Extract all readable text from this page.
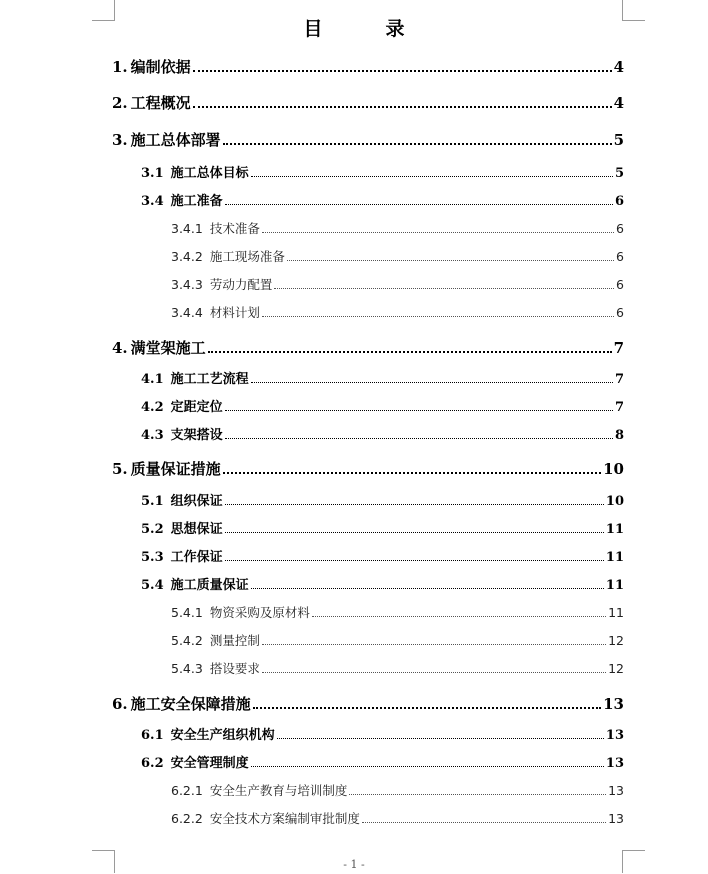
目　录
1. 编制依据	4
2. 工程概况	4
3. 施工总体部署	5
3.1 施工总体目标	5
3.4 施工准备	6
3.4.1 技术准备	6
3.4.2 施工现场准备	6
3.4.3 劳动力配置	6
3.4.4 材料计划	6
4. 满堂架施工	7
4.1 施工工艺流程	7
4.2 定距定位	7
4.3 支架搭设	8
5. 质量保证措施	10
5.1 组织保证	10
5.2 思想保证	11
5.3 工作保证	11
5.4 施工质量保证	11
5.4.1 物资采购及原材料	11
5.4.2 测量控制	12
5.4.3 搭设要求	12
6. 施工安全保障措施	13
6.1 安全生产组织机构	13
6.2 安全管理制度	13
6.2.1 安全生产教育与培训制度	13
6.2.2 安全技术方案编制审批制度	13
- 1 -
